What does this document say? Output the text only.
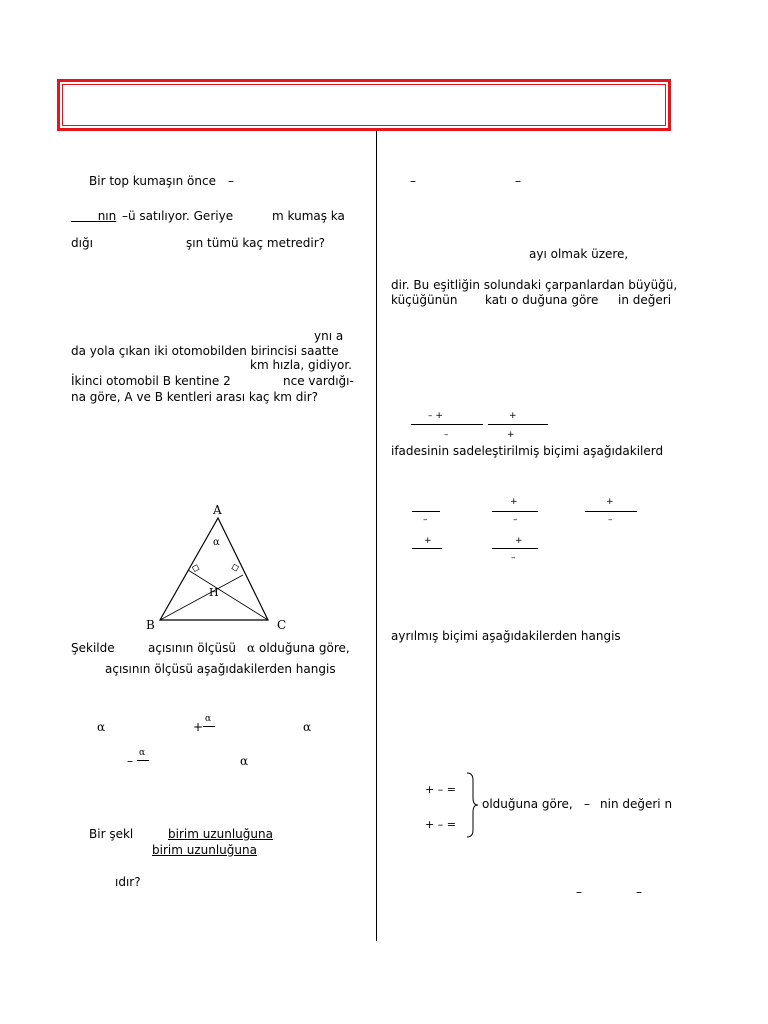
Bir top kumaşın önce –
nın –ü satılıyor. Geriye	m kumaş ka
dığı	şın tümü kaç metredir?
ynı a
da yola çıkan iki otomobilden birincisi saatte
km hızla, gidiyor.
İkinci otomobil B kentine 2	nce vardığı-
na göre, A ve B kentleri arası kaç km dir?
A
α
H
B	C
Şekilde	açısının ölçüsü α olduğuna göre,
açısının ölçüsü aşağıdakilerden hangis
α	+
α
α
–
α
α
Bir şekl	birim uzunluğuna
birim uzunluğuna
ıdır?
–	–
ayı olmak üzere,
dir. Bu eşitliğin solundaki çarpanlardan büyüğü,
küçüğünün katı o duğuna göre in değeri
– +
–
+
+
ifadesinin sadeleştirilmiş biçimi aşağıdakilerd
–
+
–
+
–
+	+
–
ayrılmış biçimi aşağıdakilerden hangis
+ – =
+ – =
olduğuna göre, – nin değeri n
–	–
